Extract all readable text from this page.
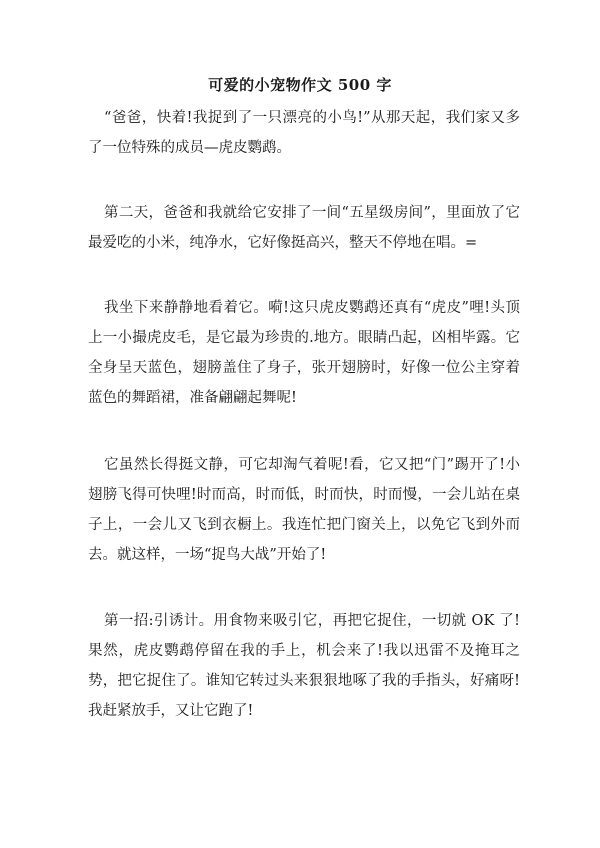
可爱的小宠物作文 500 字

“爸爸，快着!我捉到了一只漂亮的小鸟!”从那天起，我们家又多了一位特殊的成员—虎皮鹦鹉。

第二天，爸爸和我就给它安排了一间“五星级房间”，里面放了它最爱吃的小米，纯净水，它好像挺高兴，整天不停地在唱。=

我坐下来静静地看着它。嗬!这只虎皮鹦鹉还真有“虎皮”哩!头顶上一小撮虎皮毛，是它最为珍贵的.地方。眼睛凸起，凶相毕露。它全身呈天蓝色，翅膀盖住了身子，张开翅膀时，好像一位公主穿着蓝色的舞蹈裙，准备翩翩起舞呢!

它虽然长得挺文静，可它却淘气着呢!看，它又把“门”踢开了!小翅膀飞得可快哩!时而高，时而低，时而快，时而慢，一会儿站在桌子上，一会儿又飞到衣橱上。我连忙把门窗关上，以免它飞到外而去。就这样，一场“捉鸟大战”开始了!

第一招:引诱计。用食物来吸引它，再把它捉住，一切就 OK 了!果然，虎皮鹦鹉停留在我的手上，机会来了!我以迅雷不及掩耳之势，把它捉住了。谁知它转过头来狠狠地啄了我的手指头，好痛呀!我赶紧放手，又让它跑了!
